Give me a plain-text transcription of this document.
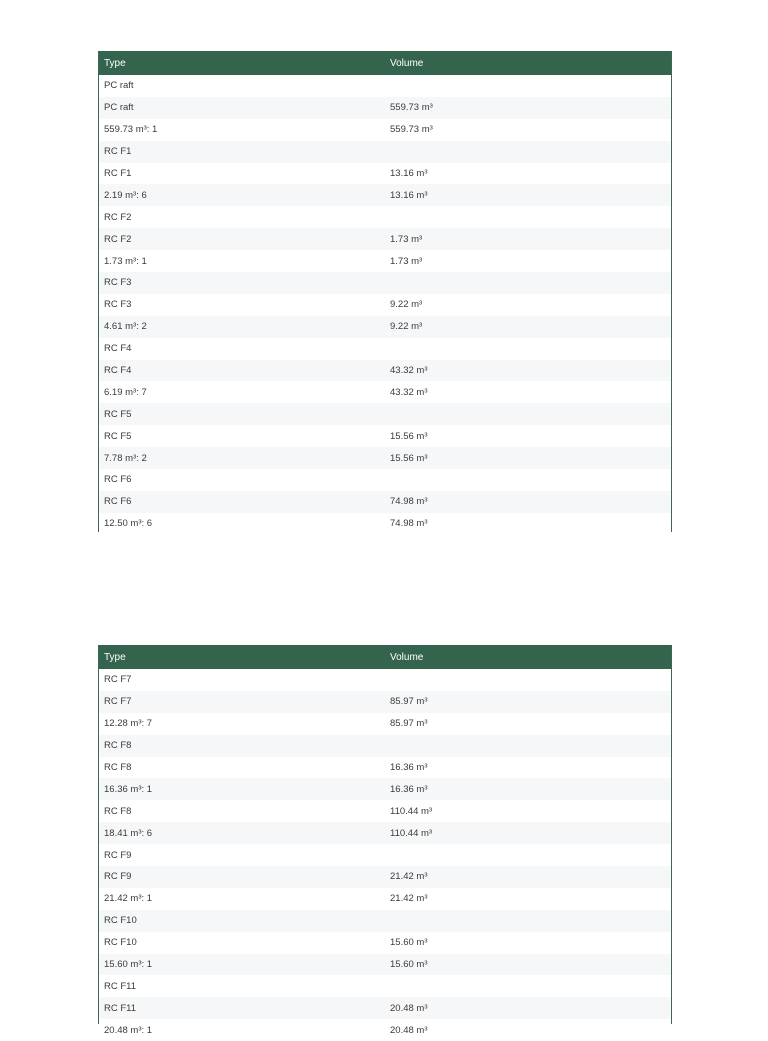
Type	Volume
PC raft
PC raft	559.73 m³
559.73 m³: 1	559.73 m³
RC F1
RC F1	13.16 m³
2.19 m³: 6	13.16 m³
RC F2
RC F2	1.73 m³
1.73 m³: 1	1.73 m³
RC F3
RC F3	9.22 m³
4.61 m³: 2	9.22 m³
RC F4
RC F4	43.32 m³
6.19 m³: 7	43.32 m³
RC F5
RC F5	15.56 m³
7.78 m³: 2	15.56 m³
RC F6
RC F6	74.98 m³
12.50 m³: 6	74.98 m³
Type	Volume
RC F7
RC F7	85.97 m³
12.28 m³: 7	85.97 m³
RC F8
RC F8	16.36 m³
16.36 m³: 1	16.36 m³
RC F8	110.44 m³
18.41 m³: 6	110.44 m³
RC F9
RC F9	21.42 m³
21.42 m³: 1	21.42 m³
RC F10
RC F10	15.60 m³
15.60 m³: 1	15.60 m³
RC F11
RC F11	20.48 m³
20.48 m³: 1	20.48 m³
